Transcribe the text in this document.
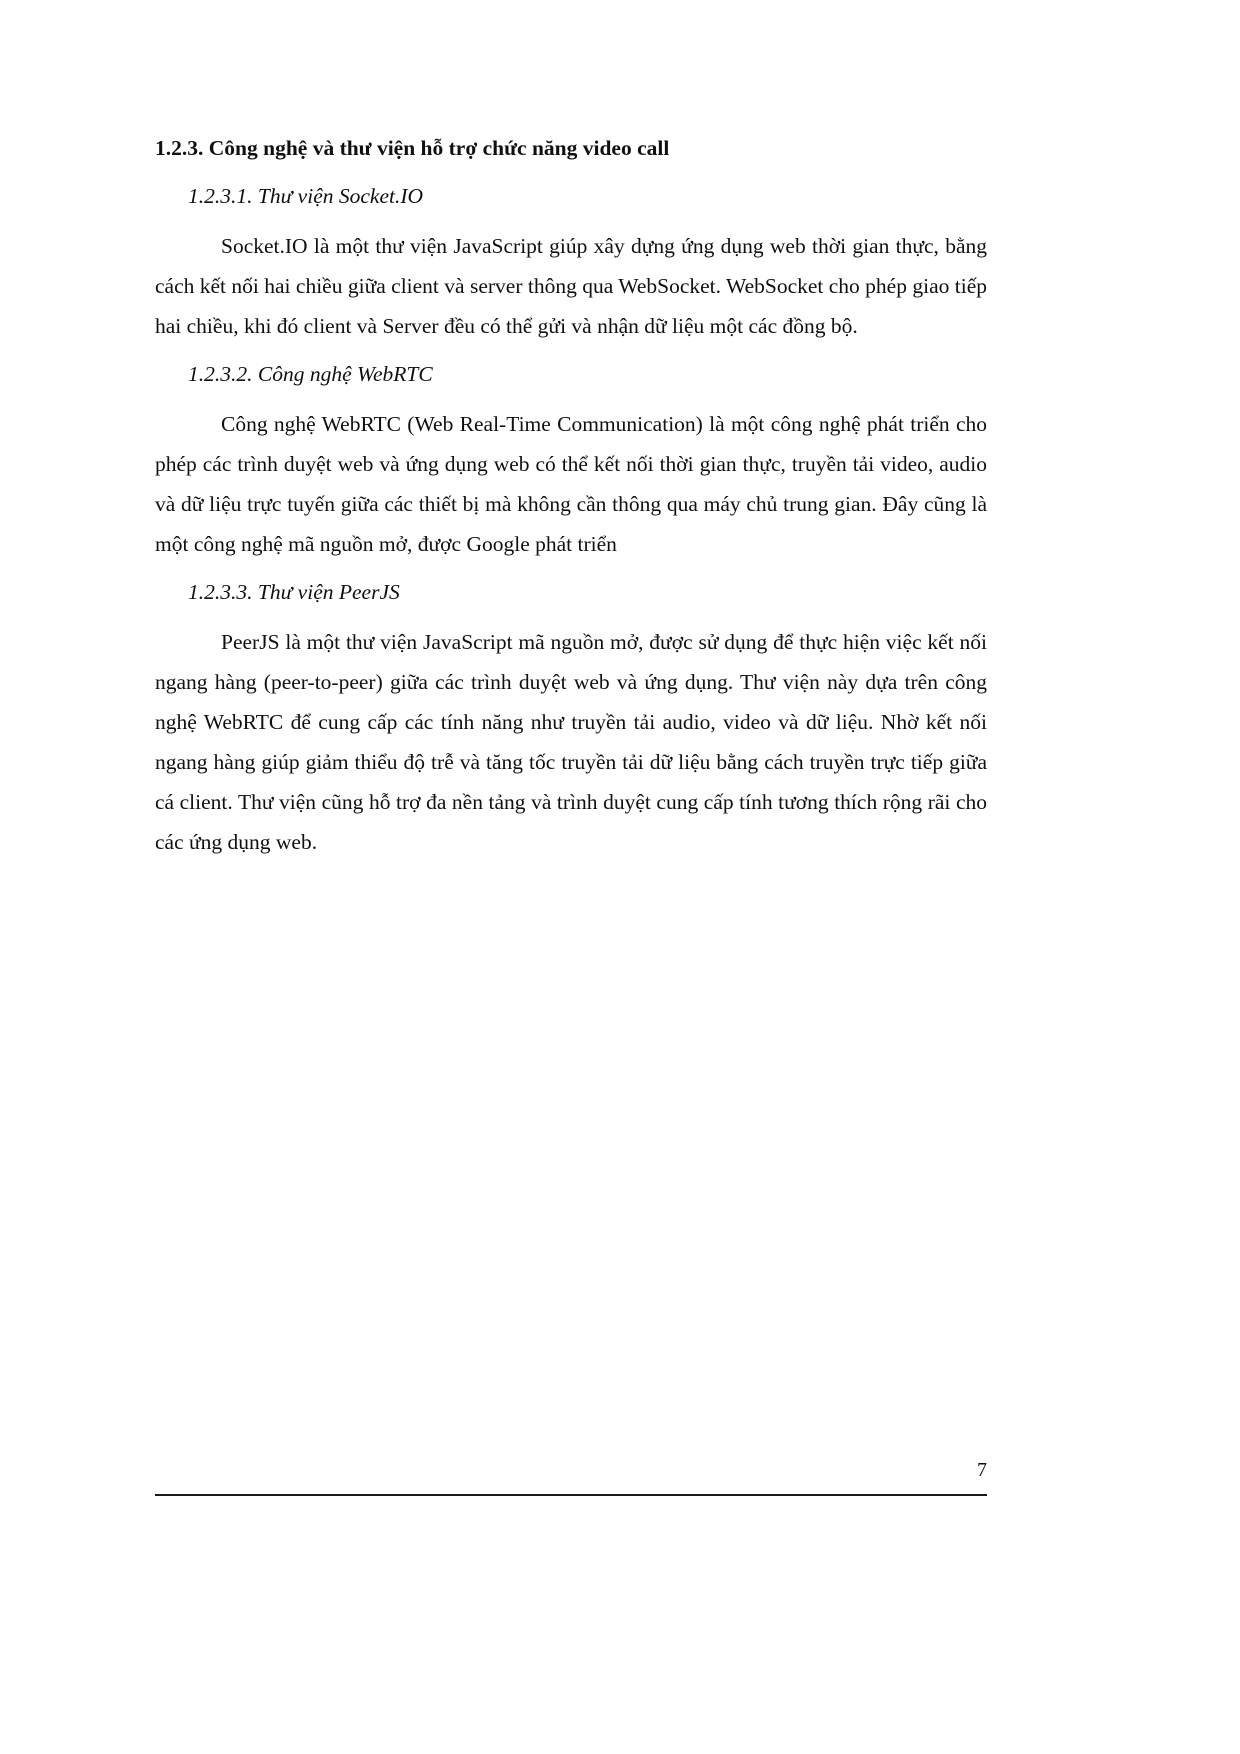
1.2.3. Công nghệ và thư viện hỗ trợ chức năng video call
1.2.3.1. Thư viện Socket.IO

Socket.IO là một thư viện JavaScript giúp xây dựng ứng dụng web thời gian thực, bằng cách kết nối hai chiều giữa client và server thông qua WebSocket. WebSocket cho phép giao tiếp hai chiều, khi đó client và Server đều có thể gửi và nhận dữ liệu một các đồng bộ.

1.2.3.2. Công nghệ WebRTC

Công nghệ WebRTC (Web Real-Time Communication) là một công nghệ phát triển cho phép các trình duyệt web và ứng dụng web có thể kết nối thời gian thực, truyền tải video, audio và dữ liệu trực tuyến giữa các thiết bị mà không cần thông qua máy chủ trung gian. Đây cũng là một công nghệ mã nguồn mở, được Google phát triển

1.2.3.3. Thư viện PeerJS

PeerJS là một thư viện JavaScript mã nguồn mở, được sử dụng để thực hiện việc kết nối ngang hàng (peer-to-peer) giữa các trình duyệt web và ứng dụng. Thư viện này dựa trên công nghệ WebRTC để cung cấp các tính năng như truyền tải audio, video và dữ liệu. Nhờ kết nối ngang hàng giúp giảm thiểu độ trễ và tăng tốc truyền tải dữ liệu bằng cách truyền trực tiếp giữa cá client. Thư viện cũng hỗ trợ đa nền tảng và trình duyệt cung cấp tính tương thích rộng rãi cho các ứng dụng web.

7
